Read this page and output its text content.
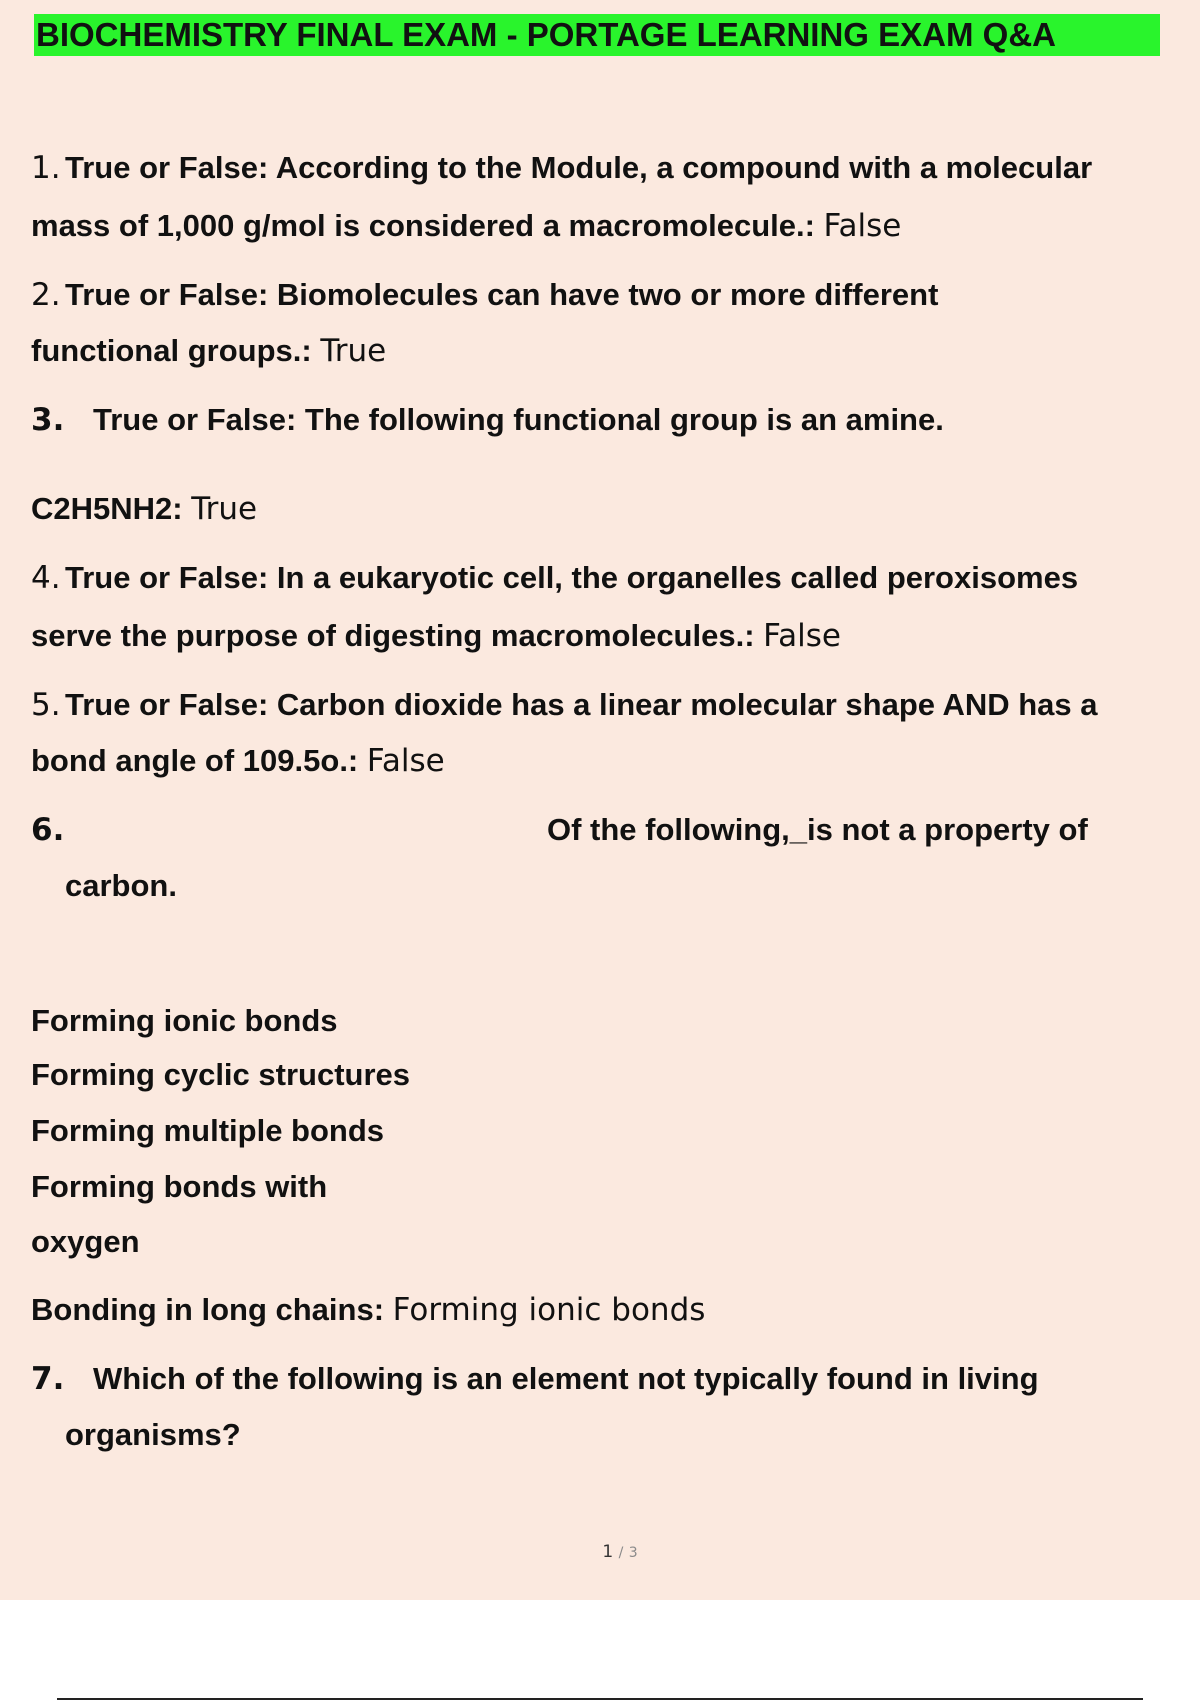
BIOCHEMISTRY FINAL EXAM - PORTAGE LEARNING EXAM Q&A
1. True or False: According to the Module, a compound with a molecular
mass of 1,000 g/mol is considered a macromolecule.: False
2. True or False: Biomolecules can have two or more different
functional groups.: True
3. True or False: The following functional group is an amine.
C2H5NH2: True
4. True or False: In a eukaryotic cell, the organelles called peroxisomes
serve the purpose of digesting macromolecules.: False
5. True or False: Carbon dioxide has a linear molecular shape AND has a
bond angle of 109.5o.: False
6.	Of the following,_is not a property of
carbon.
Forming ionic bonds
Forming cyclic structures
Forming multiple bonds
Forming bonds with
oxygen
Bonding in long chains: Forming ionic bonds
7. Which of the following is an element not typically found in living
organisms?
1 / 3
